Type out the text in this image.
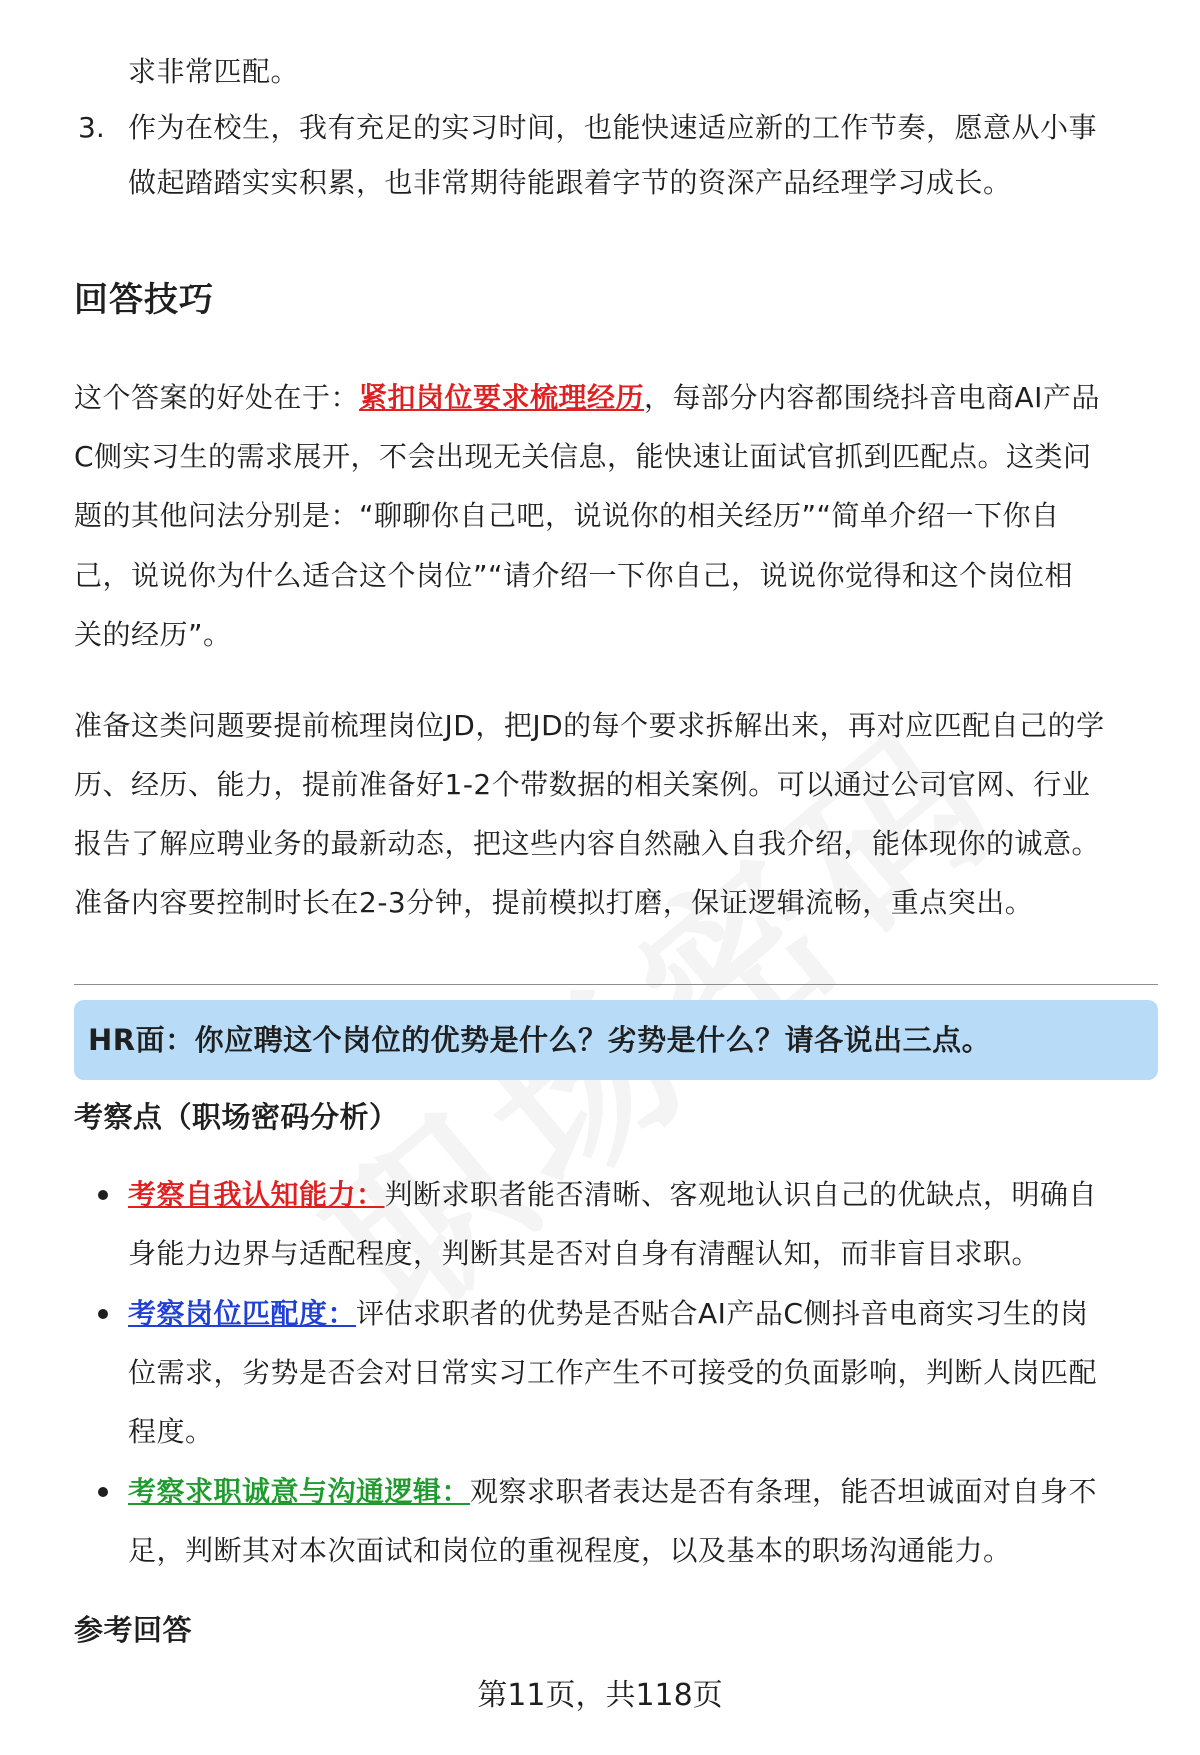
求非常匹配。
3. 作为在校生，我有充足的实习时间，也能快速适应新的工作节奏，愿意从小事
做起踏踏实实积累，也非常期待能跟着字节的资深产品经理学习成长。
回答技巧
这个答案的好处在于：紧扣岗位要求梳理经历，每部分内容都围绕抖音电商AI产品
C侧实习生的需求展开，不会出现无关信息，能快速让面试官抓到匹配点。这类问
题的其他问法分别是：“聊聊你自己吧，说说你的相关经历”“简单介绍一下你自
己，说说你为什么适合这个岗位”“请介绍一下你自己，说说你觉得和这个岗位相
关的经历”。
准备这类问题要提前梳理岗位JD，把JD的每个要求拆解出来，再对应匹配自己的学
历、经历、能力，提前准备好1-2个带数据的相关案例。可以通过公司官网、行业
报告了解应聘业务的最新动态，把这些内容自然融入自我介绍，能体现你的诚意。
准备内容要控制时长在2-3分钟，提前模拟打磨，保证逻辑流畅，重点突出。
HR面：你应聘这个岗位的优势是什么？劣势是什么？请各说出三点。
考察点（职场密码分析）
考察自我认知能力：判断求职者能否清晰、客观地认识自己的优缺点，明确自
身能力边界与适配程度，判断其是否对自身有清醒认知，而非盲目求职。
考察岗位匹配度：评估求职者的优势是否贴合AI产品C侧抖音电商实习生的岗
位需求，劣势是否会对日常实习工作产生不可接受的负面影响，判断人岗匹配
程度。
考察求职诚意与沟通逻辑：观察求职者表达是否有条理，能否坦诚面对自身不
足，判断其对本次面试和岗位的重视程度，以及基本的职场沟通能力。
参考回答
第11页，共118页
